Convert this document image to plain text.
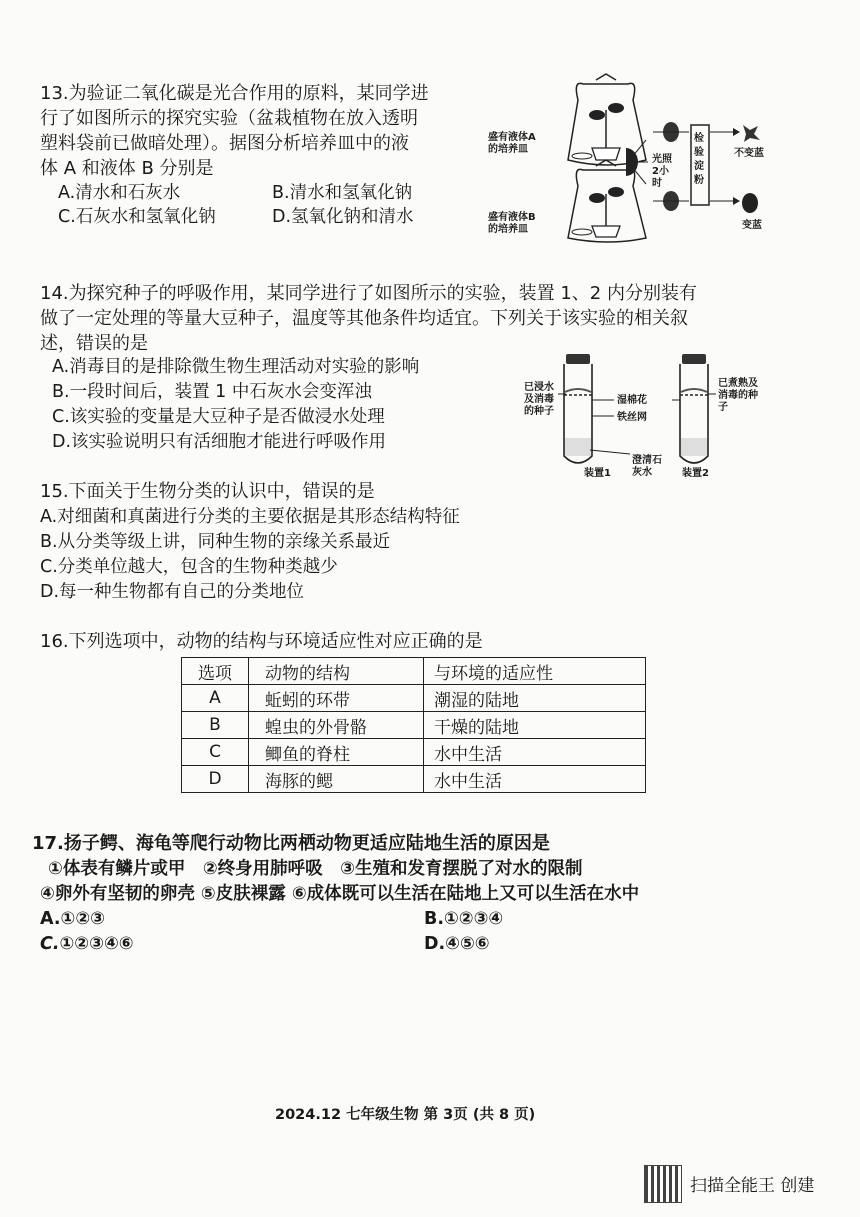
13.为验证二氧化碳是光合作用的原料，某同学进
行了如图所示的探究实验（盆栽植物在放入透明
塑料袋前已做暗处理）。据图分析培养皿中的液
体 A 和液体 B 分别是
A.清水和石灰水	B.清水和氢氧化钠
C.石灰水和氢氧化钠	D.氢氧化钠和清水
盛有液体A的培养皿
盛有液体B的培养皿
光照2小时
检验淀粉
不变蓝
变蓝
14.为探究种子的呼吸作用，某同学进行了如图所示的实验，装置 1、2 内分别装有
做了一定处理的等量大豆种子，温度等其他条件均适宜。下列关于该实验的相关叙
述，错误的是
A.消毒目的是排除微生物生理活动对实验的影响
B.一段时间后，装置 1 中石灰水会变浑浊
C.该实验的变量是大豆种子是否做浸水处理
D.该实验说明只有活细胞才能进行呼吸作用
已浸水及消毒的种子
已煮熟及消毒的种子
湿棉花
铁丝网
澄清石灰水
装置1	装置2
15.下面关于生物分类的认识中，错误的是
A.对细菌和真菌进行分类的主要依据是其形态结构特征
B.从分类等级上讲，同种生物的亲缘关系最近
C.分类单位越大，包含的生物种类越少
D.每一种生物都有自己的分类地位
16.下列选项中，动物的结构与环境适应性对应正确的是
选项	动物的结构	与环境的适应性
A	蚯蚓的环带	潮湿的陆地
B	蝗虫的外骨骼	干燥的陆地
C	鲫鱼的脊柱	水中生活
D	海豚的鳃	水中生活
17.扬子鳄、海龟等爬行动物比两栖动物更适应陆地生活的原因是
①体表有鳞片或甲　②终身用肺呼吸　③生殖和发育摆脱了对水的限制
④卵外有坚韧的卵壳 ⑤皮肤裸露 ⑥成体既可以生活在陆地上又可以生活在水中
A.①②③	B.①②③④
C.①②③④⑥	D.④⑤⑥
2024.12 七年级生物 第 3页 (共 8 页)
扫描全能王 创建
